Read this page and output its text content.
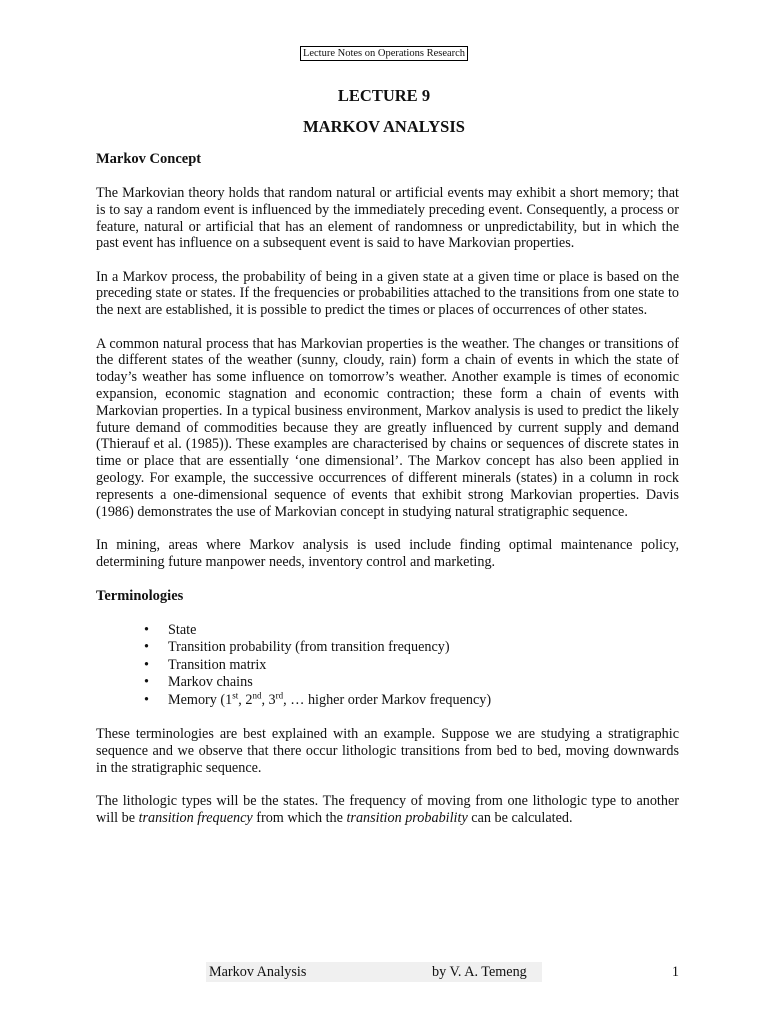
Lecture Notes on Operations Research
LECTURE 9
MARKOV ANALYSIS
Markov Concept

The Markovian theory holds that random natural or artificial events may exhibit a short memory; that is to say a random event is influenced by the immediately preceding event. Consequently, a process or feature, natural or artificial that has an element of randomness or unpredictability, but in which the past event has influence on a subsequent event is said to have Markovian properties.

In a Markov process, the probability of being in a given state at a given time or place is based on the preceding state or states. If the frequencies or probabilities attached to the transitions from one state to the next are established, it is possible to predict the times or places of occurrences of other states.

A common natural process that has Markovian properties is the weather. The changes or transitions of the different states of the weather (sunny, cloudy, rain) form a chain of events in which the state of today’s weather has some influence on tomorrow’s weather. Another example is times of economic expansion, economic stagnation and economic contraction; these form a chain of events with Markovian properties. In a typical business environment, Markov analysis is used to predict the likely future demand of commodities because they are greatly influenced by current supply and demand (Thierauf et al. (1985)). These examples are characterised by chains or sequences of discrete states in time or place that are essentially ‘one dimensional’. The Markov concept has also been applied in geology. For example, the successive occurrences of different minerals (states) in a column in rock represents a one-dimensional sequence of events that exhibit strong Markovian properties. Davis (1986) demonstrates the use of Markovian concept in studying natural stratigraphic sequence.

In mining, areas where Markov analysis is used include finding optimal maintenance policy, determining future manpower needs, inventory control and marketing.

Terminologies
• State
• Transition probability (from transition frequency)
• Transition matrix
• Markov chains
• Memory (1st, 2nd, 3rd, … higher order Markov frequency)

These terminologies are best explained with an example. Suppose we are studying a stratigraphic sequence and we observe that there occur lithologic transitions from bed to bed, moving downwards in the stratigraphic sequence.

The lithologic types will be the states. The frequency of moving from one lithologic type to another will be transition frequency from which the transition probability can be calculated.

Markov Analysis	by V. A. Temeng	1
